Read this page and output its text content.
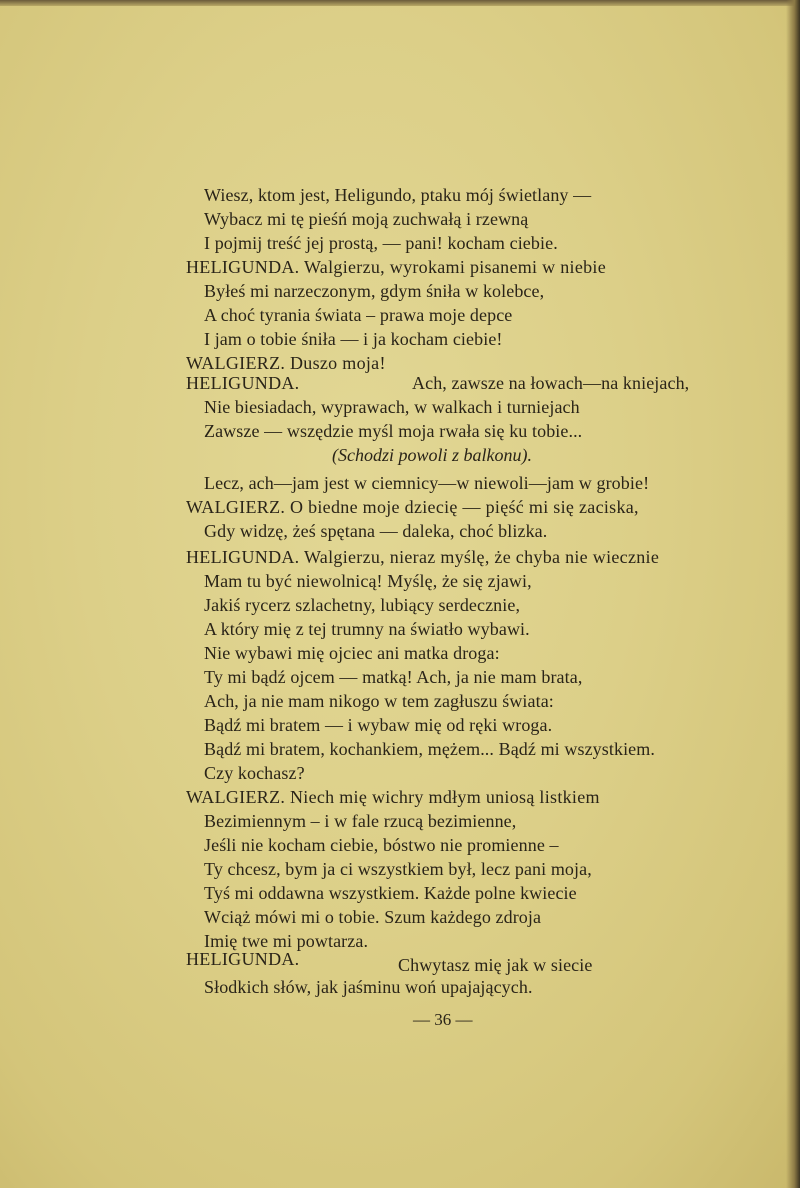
Wiesz, ktom jest, Heligundo, ptaku mój świetlany —
Wybacz mi tę pieśń moją zuchwałą i rzewną
I pojmij treść jej prostą, — pani! kocham ciebie.
HELIGUNDA. Walgierzu, wyrokami pisanemi w niebie
Byłeś mi narzeczonym, gdym śniła w kolebce,
A choć tyrania świata – prawa moje depce
I jam o tobie śniła — i ja kocham ciebie!
WALGIERZ. Duszo moja!
HELIGUNDA.	Ach, zawsze na łowach—na kniejach,
Nie biesiadach, wyprawach, w walkach i turniejach
Zawsze — wszędzie myśl moja rwała się ku tobie...
(Schodzi powoli z balkonu).
Lecz, ach—jam jest w ciemnicy—w niewoli—jam w grobie!
WALGIERZ. O biedne moje dziecię — pięść mi się zaciska,
Gdy widzę, żeś spętana — daleka, choć blizka.
HELIGUNDA. Walgierzu, nieraz myślę, że chyba nie wiecznie
Mam tu być niewolnicą! Myślę, że się zjawi,
Jakiś rycerz szlachetny, lubiący serdecznie,
A który mię z tej trumny na światło wybawi.
Nie wybawi mię ojciec ani matka droga:
Ty mi bądź ojcem — matką! Ach, ja nie mam brata,
Ach, ja nie mam nikogo w tem zagłuszu świata:
Bądź mi bratem — i wybaw mię od ręki wroga.
Bądź mi bratem, kochankiem, mężem... Bądź mi wszystkiem.
Czy kochasz?
WALGIERZ. Niech mię wichry mdłym uniosą listkiem
Bezimiennym – i w fale rzucą bezimienne,
Jeśli nie kocham ciebie, bóstwo nie promienne –
Ty chcesz, bym ja ci wszystkiem był, lecz pani moja,
Tyś mi oddawna wszystkiem. Każde polne kwiecie
Wciąż mówi mi o tobie. Szum każdego zdroja
Imię twe mi powtarza.
HELIGUNDA.	Chwytasz mię jak w siecie
Słodkich słów, jak jaśminu woń upajających.
— 36 —
